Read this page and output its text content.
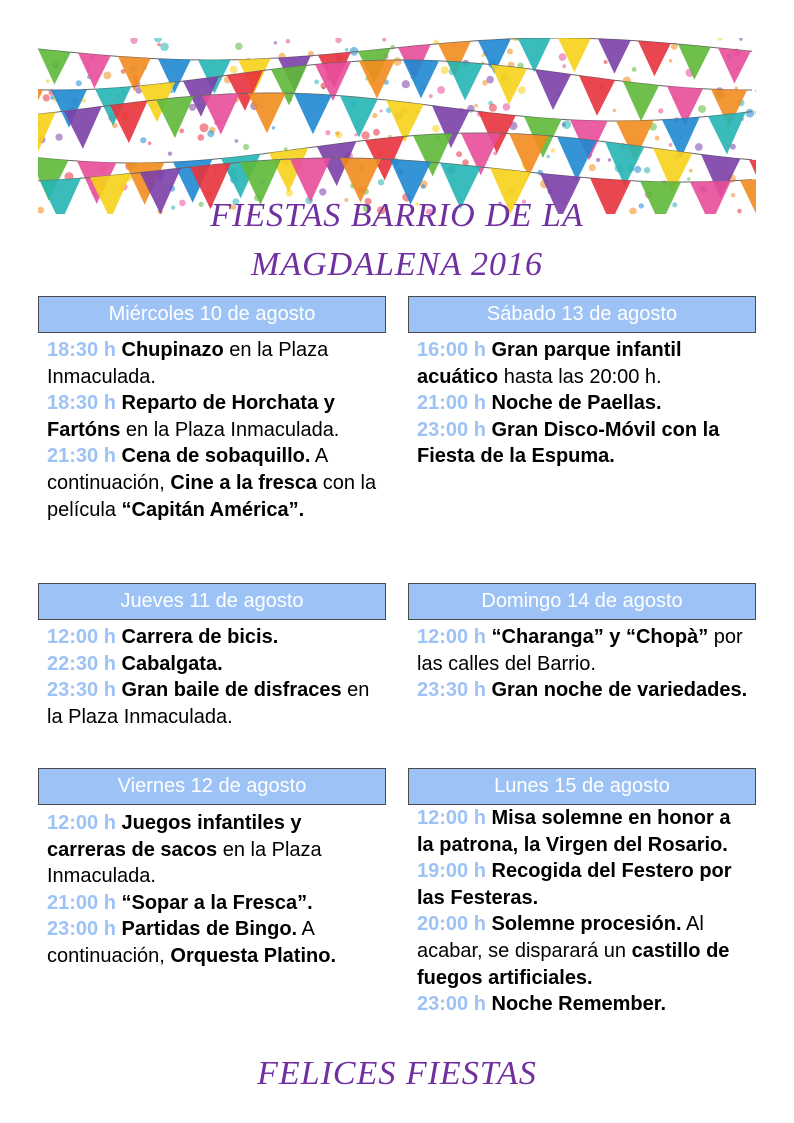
FIESTAS BARRIO DE LA
MAGDALENA 2016
Miércoles 10 de agosto
18:30 h Chupinazo en la Plaza Inmaculada.
18:30 h Reparto de Horchata y Fartóns en la Plaza Inmaculada.
21:30 h Cena de sobaquillo. A continuación, Cine a la fresca con la película “Capitán América”.
Sábado 13 de agosto
16:00 h Gran parque infantil acuático hasta las 20:00 h.
21:00 h Noche de Paellas.
23:00 h Gran Disco-Móvil con la Fiesta de la Espuma.
Jueves 11 de agosto
12:00 h Carrera de bicis.
22:30 h Cabalgata.
23:30 h Gran baile de disfraces en la Plaza Inmaculada.
Domingo 14 de agosto
12:00 h “Charanga” y “Chopà” por las calles del Barrio.
23:30 h Gran noche de variedades.
Viernes 12 de agosto
12:00 h Juegos infantiles y carreras de sacos en la Plaza Inmaculada.
21:00 h “Sopar a la Fresca”.
23:00 h Partidas de Bingo. A continuación, Orquesta Platino.
Lunes 15 de agosto
12:00 h Misa solemne en honor a la patrona, la Virgen del Rosario.
19:00 h Recogida del Festero por las Festeras.
20:00 h Solemne procesión. Al acabar, se disparará un castillo de fuegos artificiales.
23:00 h Noche Remember.
FELICES FIESTAS
